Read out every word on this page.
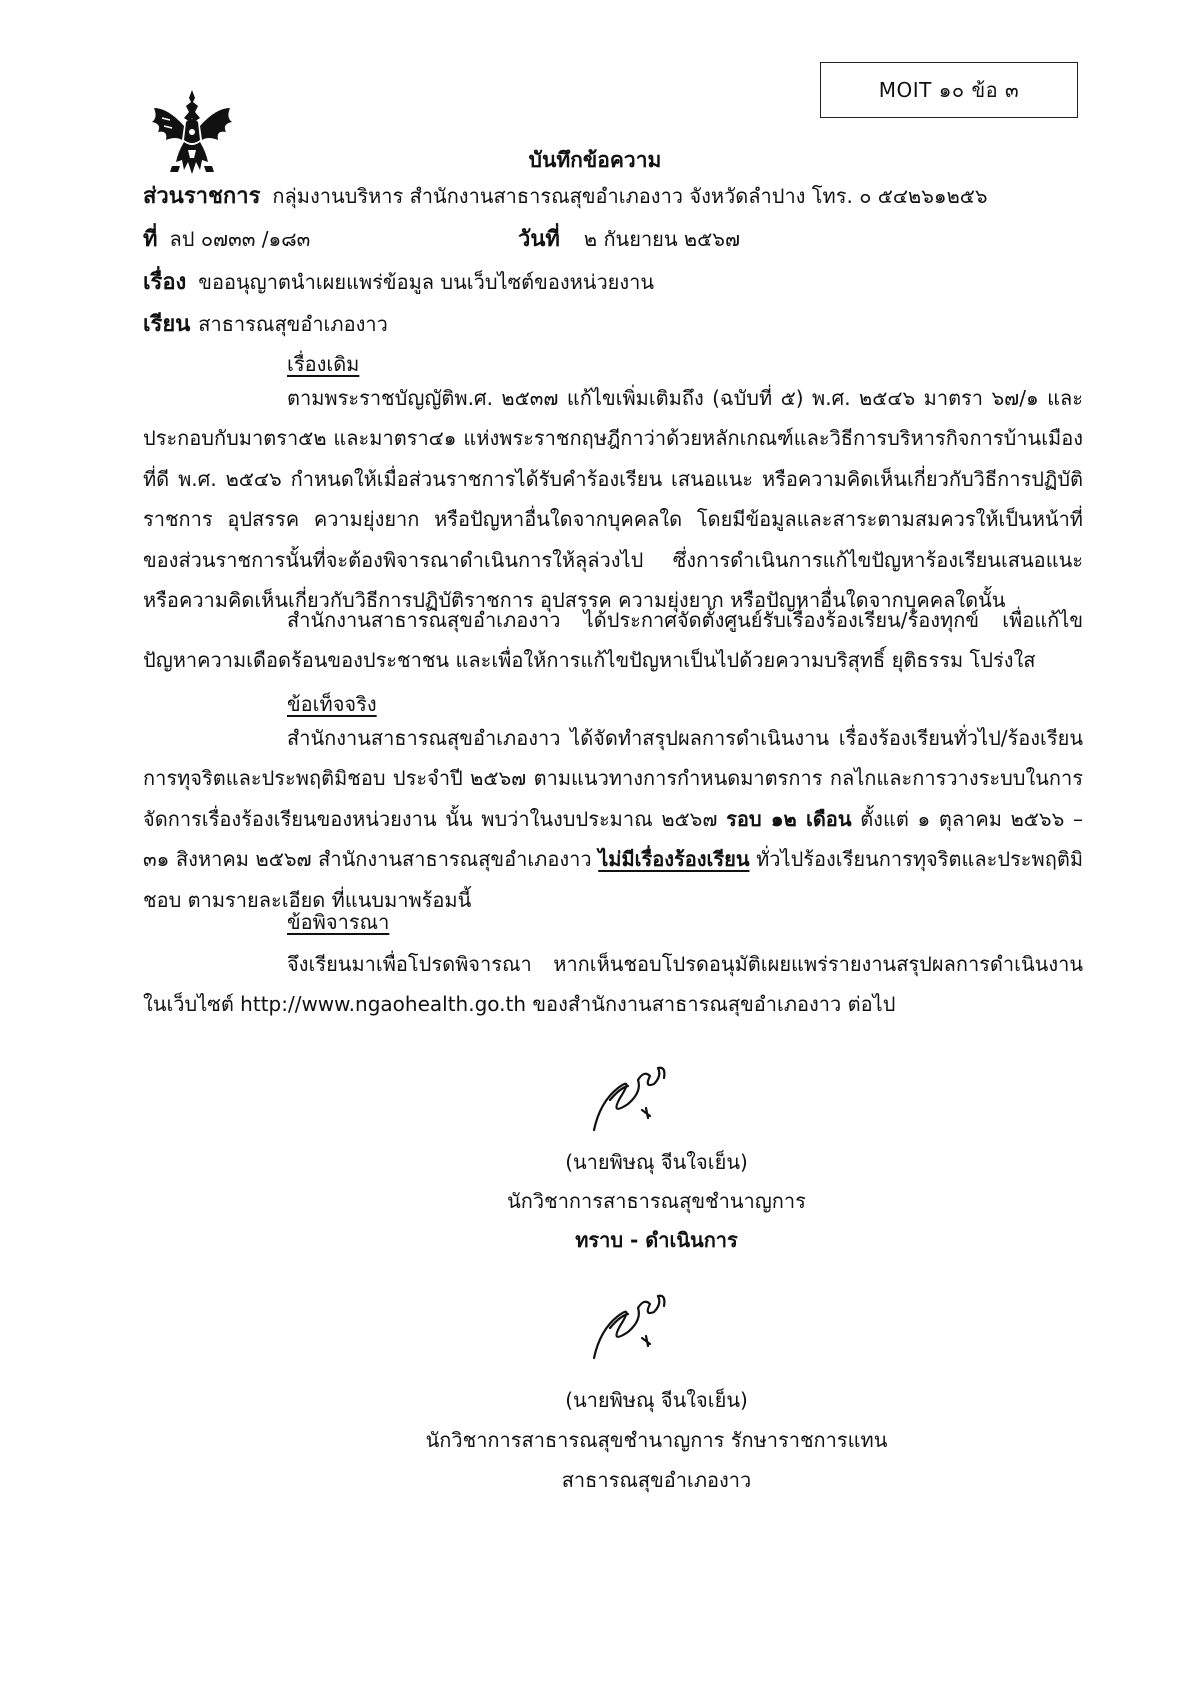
MOIT ๑๐ ข้อ ๓
บันทึกข้อความ
ส่วนราชการ กลุ่มงานบริหาร สำนักงานสาธารณสุขอำเภองาว จังหวัดลำปาง โทร. ๐ ๕๔๒๖๑๒๕๖
ที่ ลป ๐๗๓๓ /๑๘๓	วันที่ ๒ กันยายน ๒๕๖๗
เรื่อง ขออนุญาตนำเผยแพร่ข้อมูล บนเว็บไซต์ของหน่วยงาน
เรียน สาธารณสุขอำเภองาว
เรื่องเดิม
ตามพระราชบัญญัติพ.ศ. ๒๕๓๗ แก้ไขเพิ่มเติมถึง (ฉบับที่ ๕) พ.ศ. ๒๕๔๖ มาตรา ๖๗/๑ และประกอบกับมาตรา๕๒ และมาตรา๔๑ แห่งพระราชกฤษฎีกาว่าด้วยหลักเกณฑ์และวิธีการบริหารกิจการบ้านเมืองที่ดี พ.ศ. ๒๕๔๖ กำหนดให้เมื่อส่วนราชการได้รับคำร้องเรียน เสนอแนะ หรือความคิดเห็นเกี่ยวกับวิธีการปฏิบัติราชการ อุปสรรค ความยุ่งยาก หรือปัญหาอื่นใดจากบุคคลใด โดยมีข้อมูลและสาระตามสมควรให้เป็นหน้าที่ของส่วนราชการนั้นที่จะต้องพิจารณาดำเนินการให้ลุล่วงไป ซึ่งการดำเนินการแก้ไขปัญหาร้องเรียนเสนอแนะ หรือความคิดเห็นเกี่ยวกับวิธีการปฏิบัติราชการ อุปสรรค ความยุ่งยาก หรือปัญหาอื่นใดจากบุคคลใดนั้น
สำนักงานสาธารณสุขอำเภองาว ได้ประกาศจัดตั้งศูนย์รับเรื่องร้องเรียน/ร้องทุกข์ เพื่อแก้ไขปัญหาความเดือดร้อนของประชาชน และเพื่อให้การแก้ไขปัญหาเป็นไปด้วยความบริสุทธิ์ ยุติธรรม โปร่งใส
ข้อเท็จจริง
สำนักงานสาธารณสุขอำเภองาว ได้จัดทำสรุปผลการดำเนินงาน เรื่องร้องเรียนทั่วไป/ร้องเรียนการทุจริตและประพฤติมิชอบ ประจำปี ๒๕๖๗ ตามแนวทางการกำหนดมาตรการ กลไกและการวางระบบในการจัดการเรื่องร้องเรียนของหน่วยงาน นั้น พบว่าในงบประมาณ ๒๕๖๗ รอบ ๑๒ เดือน ตั้งแต่ ๑ ตุลาคม ๒๕๖๖ – ๓๑ สิงหาคม ๒๕๖๗ สำนักงานสาธารณสุขอำเภองาว ไม่มีเรื่องร้องเรียน ทั่วไปร้องเรียนการทุจริตและประพฤติมิชอบ ตามรายละเอียด ที่แนบมาพร้อมนี้
ข้อพิจารณา
จึงเรียนมาเพื่อโปรดพิจารณา หากเห็นชอบโปรดอนุมัติเผยแพร่รายงานสรุปผลการดำเนินงานในเว็บไซต์ http://www.ngaohealth.go.th ของสำนักงานสาธารณสุขอำเภองาว ต่อไป
(นายพิษณุ จีนใจเย็น)
นักวิชาการสาธารณสุขชำนาญการ
ทราบ - ดำเนินการ
(นายพิษณุ จีนใจเย็น)
นักวิชาการสาธารณสุขชำนาญการ รักษาราชการแทน
สาธารณสุขอำเภองาว
